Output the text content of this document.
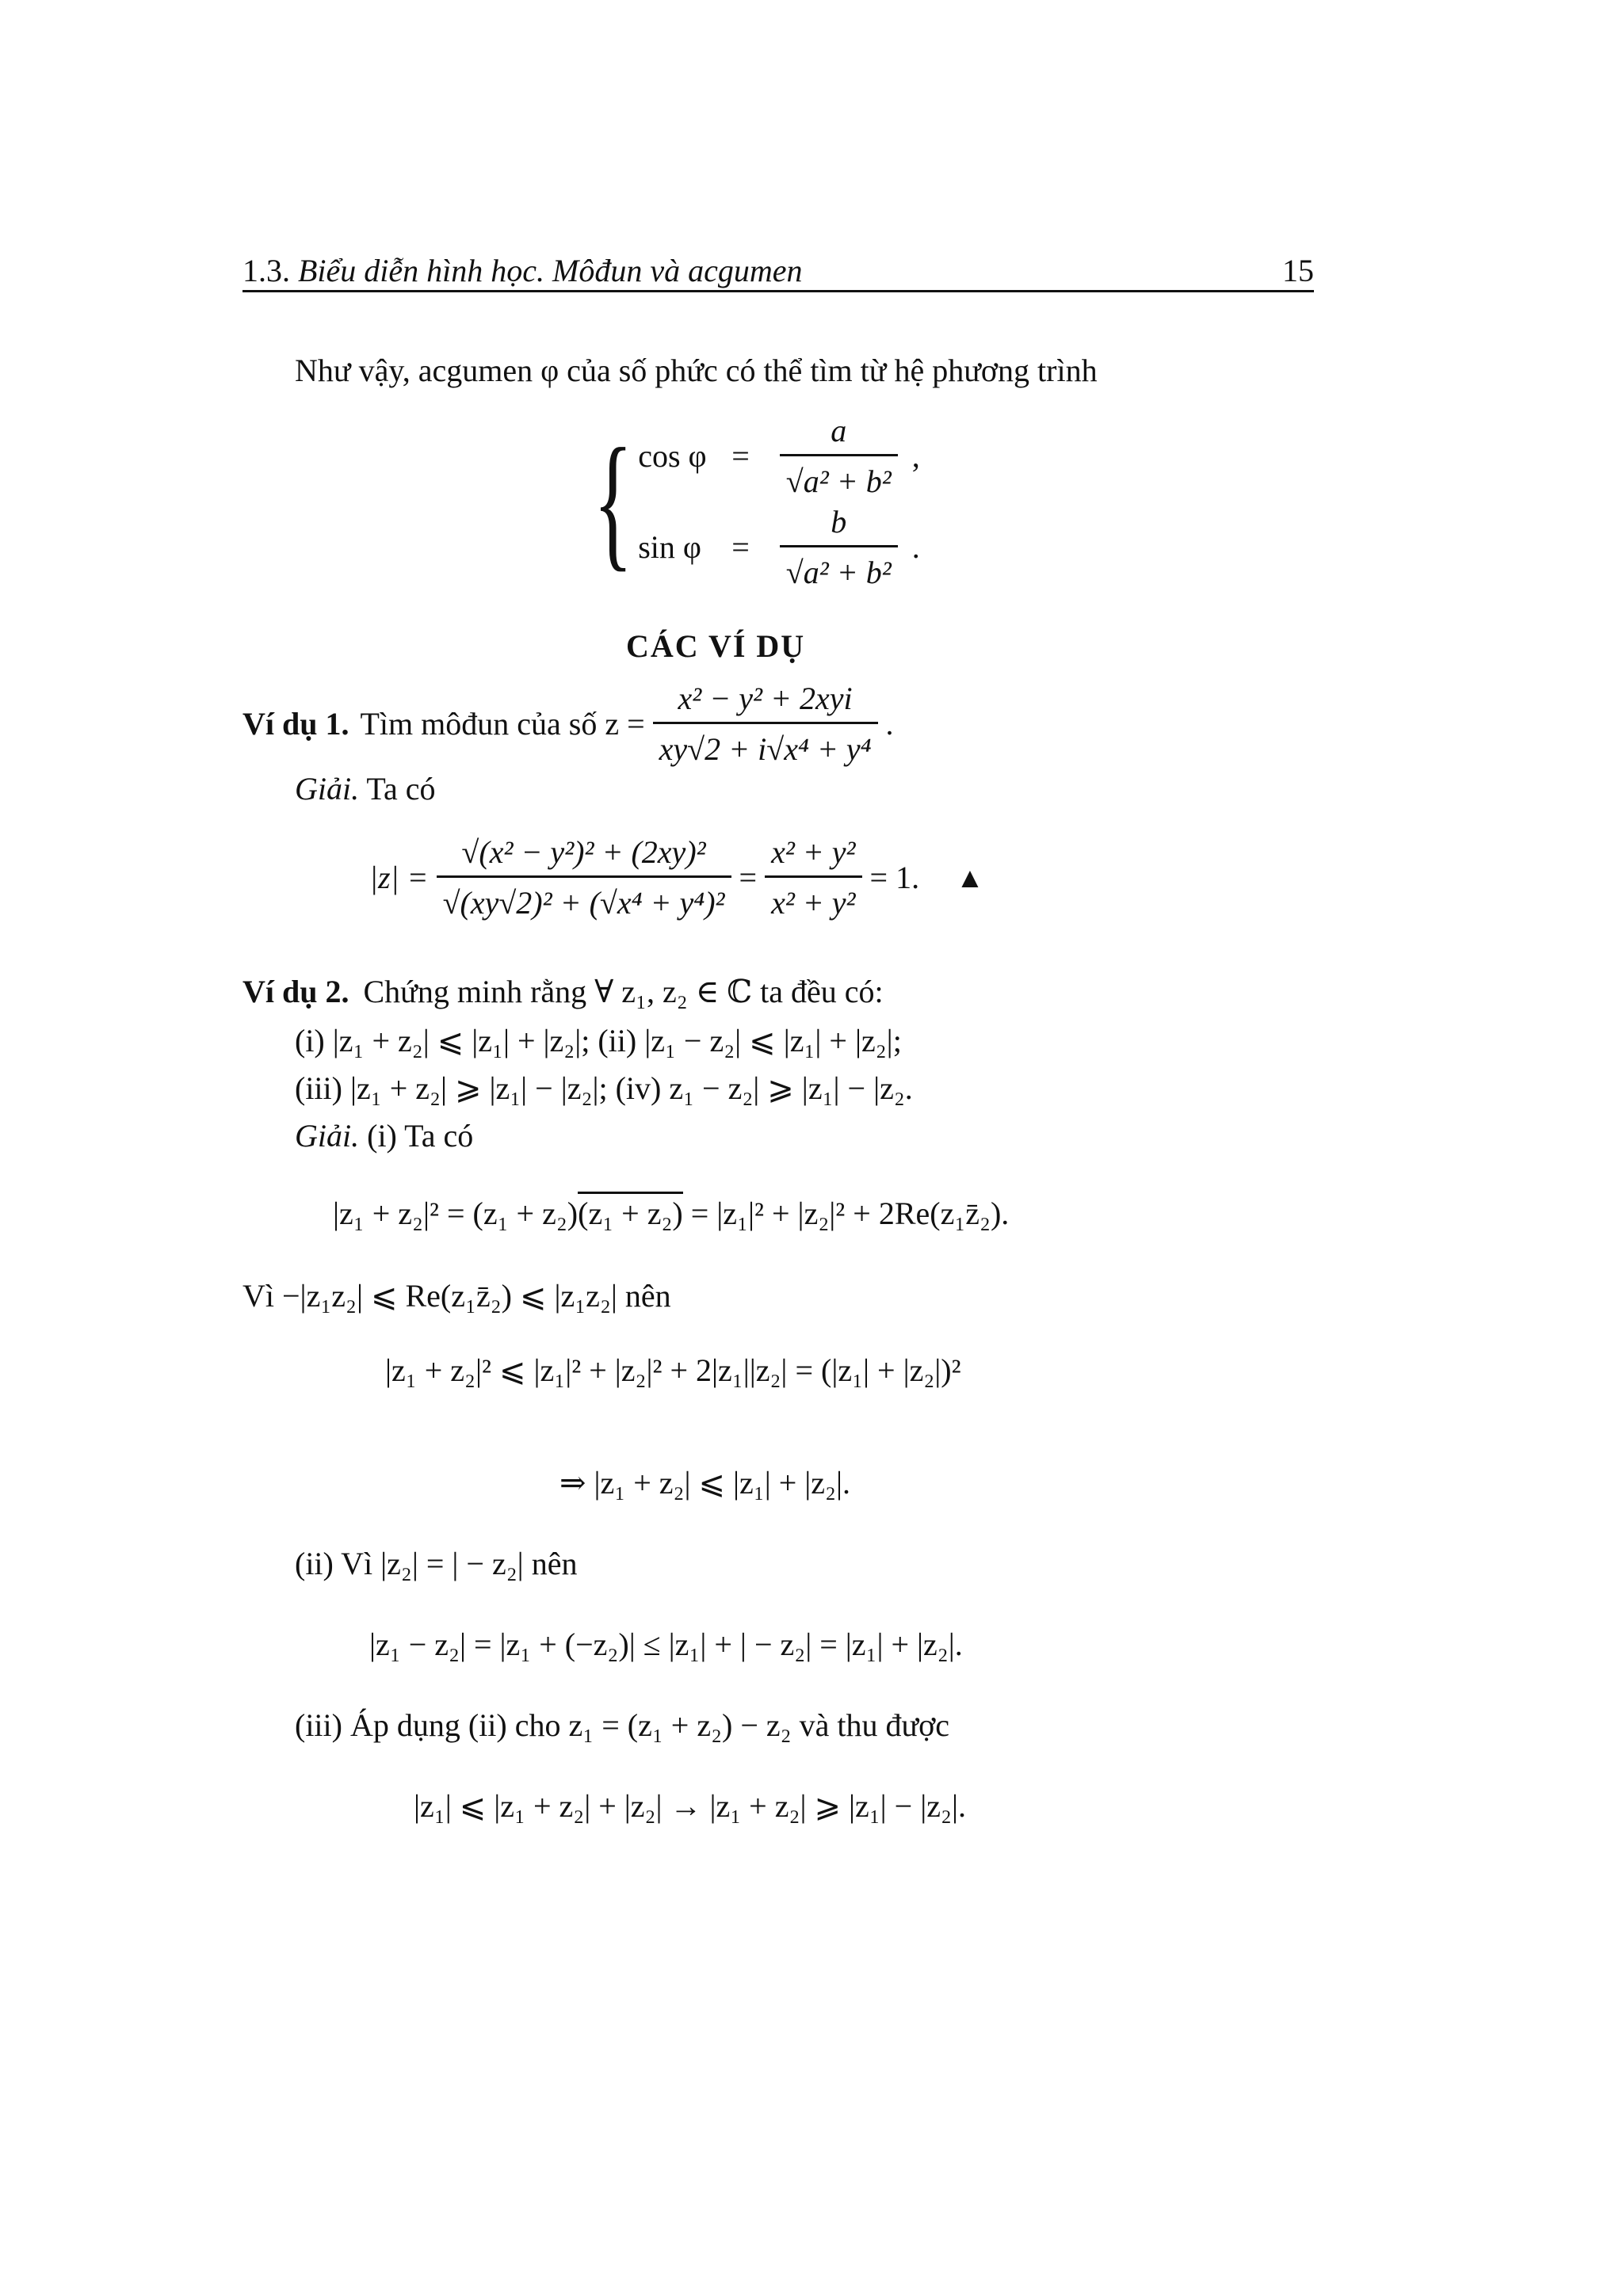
1.3. Biểu diễn hình học. Môđun và acgumen	15
Như vậy, acgumen φ của số phức có thể tìm từ hệ phương trình
{ $\cos \varphi = \frac{a}{\text{√a² + b²}}$ ,
$\sin \varphi = \frac{b}{\text{√a² + b²}}$ .
CÁC VÍ DỤ
Ví dụ 1. Tìm môđun của số $z = \frac{\text{x² − y² + 2xyi}}{\text{xy√2 + i√x⁴ + y⁴}}$ .
Giải. Ta có
$|z| = \frac{\text{√(x² − y²)² + (2xy)²}}{\text{√(xy√2)² + (√x⁴ + y⁴)²}} = \frac{\text{x² + y²}}{\text{x² + y²}} = 1$. ▲
Ví dụ 2. Chứng minh rằng ∀ z₁, z₂ ∈ ℂ ta đều có:
(i) |z₁ + z₂| ⩽ |z₁| + |z₂|; (ii) |z₁ − z₂| ⩽ |z₁| + |z₂|;
(iii) |z₁ + z₂| ⩾ |z₁| − |z₂|; (iv) z₁ − z₂| ⩾ |z₁| − |z₂.
Giải. (i) Ta có
|z₁ + z₂|² = (z₁ + z₂)(z₁ + z₂) = |z₁|² + |z₂|² + 2Re(z₁z̄₂).
Vì −|z₁z₂| ⩽ Re(z₁z̄₂) ⩽ |z₁z₂| nên
|z₁ + z₂|² ⩽ |z₁|² + |z₂|² + 2|z₁||z₂| = (|z₁| + |z₂|)²
⇒ |z₁ + z₂| ⩽ |z₁| + |z₂|.
(ii) Vì |z₂| = | − z₂| nên
|z₁ − z₂| = |z₁ + (−z₂)| ≤ |z₁| + | − z₂| = |z₁| + |z₂|.
(iii) Áp dụng (ii) cho z₁ = (z₁ + z₂) − z₂ và thu được
|z₁| ⩽ |z₁ + z₂| + |z₂| → |z₁ + z₂| ⩾ |z₁| − |z₂|.
